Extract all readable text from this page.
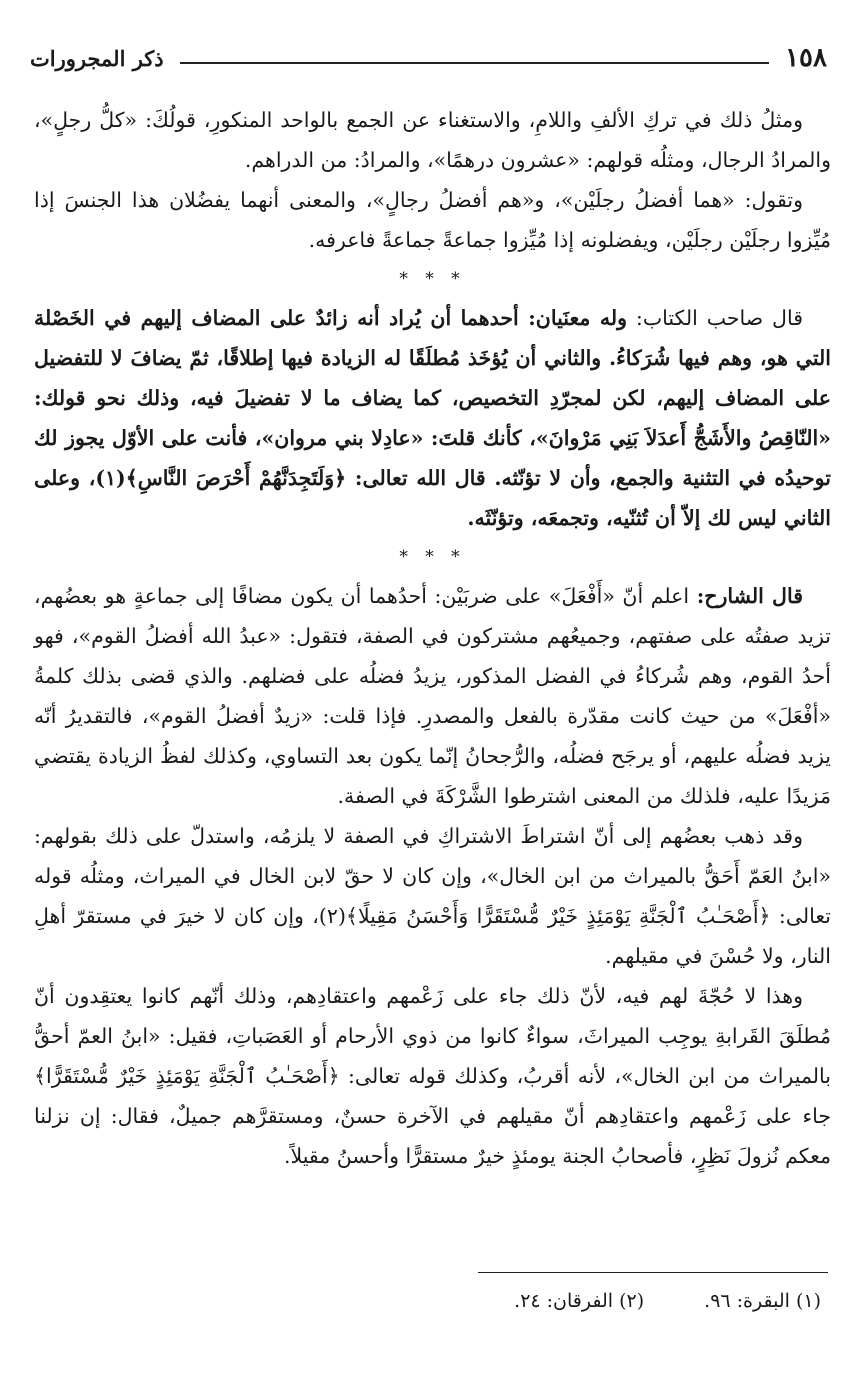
١٥٨
ذكر المجرورات

ومثلُ ذلك في تركِ الألفِ واللامِ، والاستغناء عن الجمع بالواحد المنكورِ، قولُكَ: «كلُّ رجلٍ»، والمرادُ الرجال، ومثلُه قولهم: «عشرون درهمًا»، والمرادُ: من الدراهم.

وتقول: «هما أفضلُ رجلَيْن»، و«هم أفضلُ رجالٍ»، والمعنى أنهما يفضُلان هذا الجنسَ إذا مُيِّزوا رجلَيْن رجلَيْن، ويفضلونه إذا مُيِّزوا جماعةً جماعةً فاعرفه.

* * *

قال صاحب الكتاب: وله معنَيان: أحدهما أن يُراد أنه زائدٌ على المضاف إليهم في الخَصْلة التي هو، وهم فيها شُرَكاءُ. والثاني أن يُؤخَذ مُطلَقًا له الزيادة فيها إطلاقًا، ثمّ يضافَ لا للتفضيل على المضاف إليهم، لكن لمجرّدِ التخصيص، كما يضاف ما لا تفضيلَ فيه، وذلك نحو قولك: «النّاقِصُ والأَشَجُّ أَعدَلاَ بَنِي مَرْوانَ»، كأنك قلتَ: «عادِلا بني مروان»، فأنت على الأوّل يجوز لك توحيدُه في التثنية والجمع، وأن لا تؤنّثه. قال الله تعالى: ﴿وَلَتَجِدَنَّهُمْ أَحْرَصَ النَّاسِ﴾(١)، وعلى الثاني ليس لك إلاّ أن تُثنّيه، وتجمعَه، وتؤنّثَه.

* * *

قال الشارح: اعلم أنّ «أَفْعَلَ» على ضربَيْن: أحدُهما أن يكون مضافًا إلى جماعةٍ هو بعضُهم، تزيد صفتُه على صفتهم، وجميعُهم مشتركون في الصفة، فتقول: «عبدُ الله أفضلُ القوم»، فهو أحدُ القوم، وهم شُركاءُ في الفضل المذكور، يزيدُ فضلُه على فضلهم. والذي قضى بذلك كلمةُ «أفْعَلَ» من حيث كانت مقدّرة بالفعل والمصدرِ. فإذا قلت: «زيدٌ أفضلُ القوم»، فالتقديرُ أنّه يزيد فضلُه عليهم، أو يرجَح فضلُه، والرُّجحانُ إنّما يكون بعد التساوي، وكذلك لفظُ الزيادة يقتضي مَزيدًا عليه، فلذلك من المعنى اشترطوا الشَّرْكَةَ في الصفة.

وقد ذهب بعضُهم إلى أنّ اشتراطَ الاشتراكِ في الصفة لا يلزمُه، واستدلّ على ذلك بقولهم: «ابنُ العَمّ أَحَقُّ بالميراث من ابن الخال»، وإن كان لا حقّ لابن الخال في الميراث، ومثلُه قوله تعالى: ﴿أَصْحَـٰبُ ٱلْجَنَّةِ يَوْمَئِذٍ خَيْرٌ مُّسْتَقَرًّا وَأَحْسَنُ مَقِيلًا﴾(٢)، وإن كان لا خيرَ في مستقرّ أهلِ النار، ولا حُسْنَ في مقيلهم.

وهذا لا حُجّةَ لهم فيه، لأنّ ذلك جاء على زَعْمهم واعتقادِهم، وذلك أنّهم كانوا يعتقِدون أنّ مُطلَقَ القَرابةِ يوجِب الميراثَ، سواءٌ كانوا من ذوي الأرحام أو العَصَباتِ، فقيل: «ابنُ العمّ أحقُّ بالميراث من ابن الخال»، لأنه أقربُ، وكذلك قوله تعالى: ﴿أَصْحَـٰبُ ٱلْجَنَّةِ يَوْمَئِذٍ خَيْرٌ مُّسْتَقَرًّا﴾ جاء على زَعْمهم واعتقادِهم أنّ مقيلهم في الآخرة حسنٌ، ومستقرَّهم جميلٌ، فقال: إن نزلنا معكم نُزولَ نَظِرٍ، فأصحابُ الجنة يومئذٍ خيرٌ مستقرًّا وأحسنُ مقيلاً.

(١) البقرة: ٩٦.
(٢) الفرقان: ٢٤.
